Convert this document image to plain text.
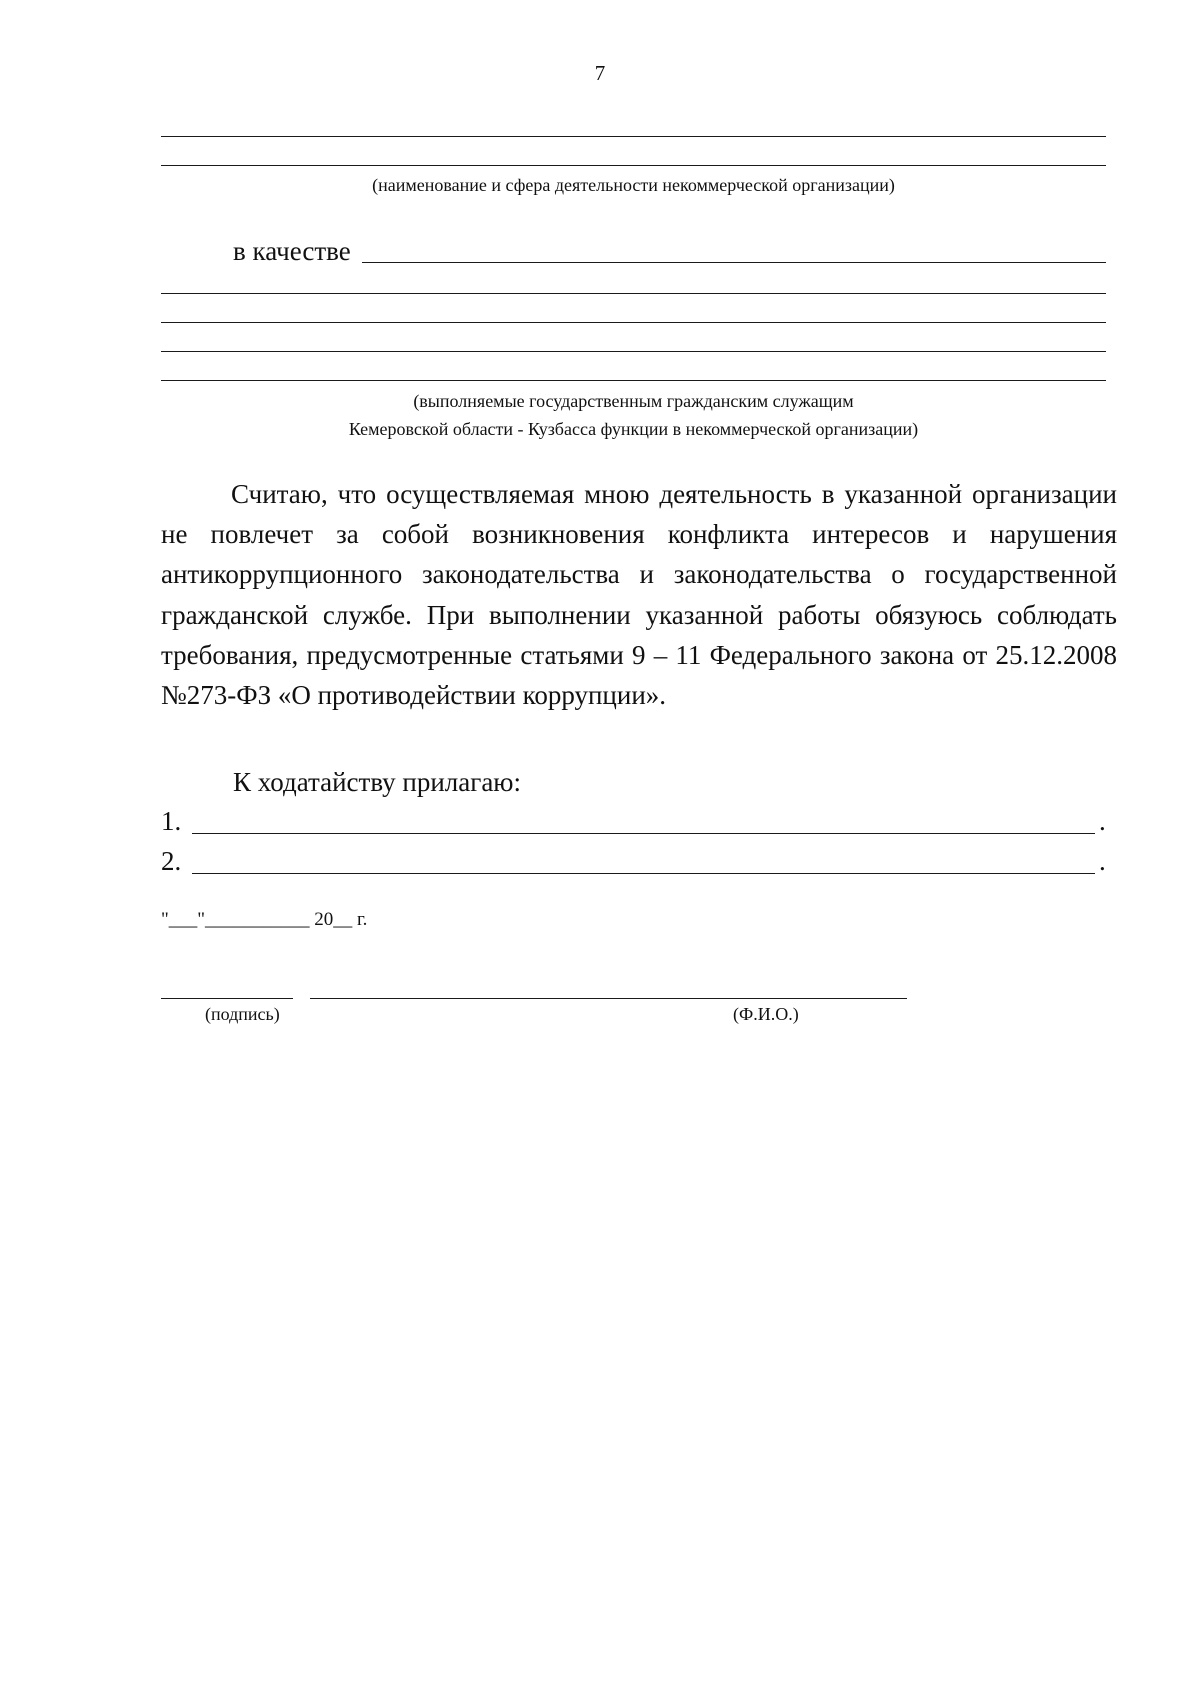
7
(наименование и сфера деятельности некоммерческой организации)
в качестве
(выполняемые государственным гражданским служащим
Кемеровской области - Кузбасса функции в некоммерческой организации)
Считаю, что осуществляемая мною деятельность в указанной организации не повлечет за собой возникновения конфликта интересов и нарушения антикоррупционного законодательства и законодательства о государственной гражданской службе. При выполнении указанной работы обязуюсь соблюдать требования, предусмотренные статьями 9 – 11 Федерального закона от 25.12.2008 №273-ФЗ «О противодействии коррупции».
К ходатайству прилагаю:
1.	.
2.	.
"___"___________ 20__ г.
(подпись)	(Ф.И.О.)
